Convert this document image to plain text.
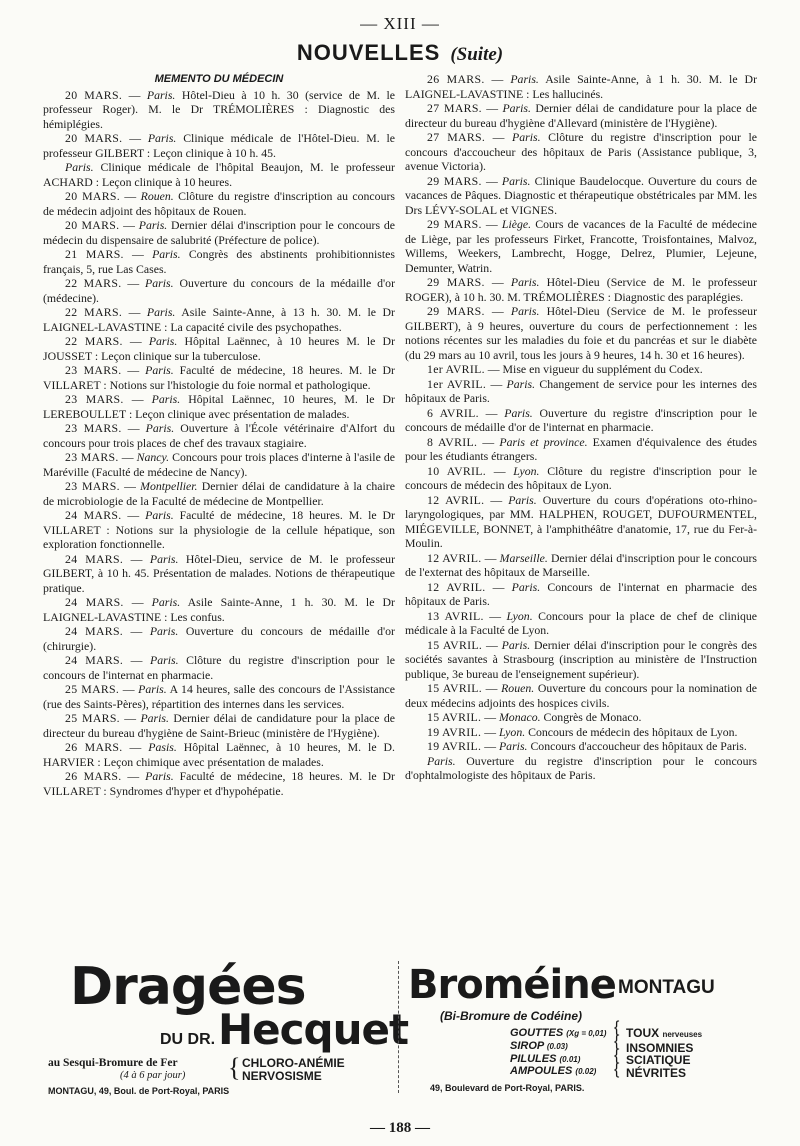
— XIII —
NOUVELLES (Suite)
MEMENTO DU MÉDECIN

20 MARS. — Paris. Hôtel-Dieu à 10 h. 30 (service de M. le professeur Roger). M. le Dr TRÉMOLIÈRES : Diagnostic des hémiplégies.

20 MARS. — Paris. Clinique médicale de l'Hôtel-Dieu. M. le professeur GILBERT : Leçon clinique à 10 h. 45.

Paris. Clinique médicale de l'hôpital Beaujon, M. le professeur ACHARD : Leçon clinique à 10 heures.

20 MARS. — Rouen. Clôture du registre d'inscription au concours de médecin adjoint des hôpitaux de Rouen.

20 MARS. — Paris. Dernier délai d'inscription pour le concours de médecin du dispensaire de salubrité (Préfecture de police).

21 MARS. — Paris. Congrès des abstinents prohibitionnistes français, 5, rue Las Cases.

22 MARS. — Paris. Ouverture du concours de la médaille d'or (médecine).

22 MARS. — Paris. Asile Sainte-Anne, à 13 h. 30. M. le Dr LAIGNEL-LAVASTINE : La capacité civile des psychopathes.

22 MARS. — Paris. Hôpital Laënnec, à 10 heures M. le Dr JOUSSET : Leçon clinique sur la tuberculose.

23 MARS. — Paris. Faculté de médecine, 18 heures. M. le Dr VILLARET : Notions sur l'histologie du foie normal et pathologique.

23 MARS. — Paris. Hôpital Laënnec, 10 heures, M. le Dr LEREBOULLET : Leçon clinique avec présentation de malades.

23 MARS. — Paris. Ouverture à l'École vétérinaire d'Alfort du concours pour trois places de chef des travaux stagiaire.

23 MARS. — Nancy. Concours pour trois places d'interne à l'asile de Maréville (Faculté de médecine de Nancy).

23 MARS. — Montpellier. Dernier délai de candidature à la chaire de microbiologie de la Faculté de médecine de Montpellier.

24 MARS. — Paris. Faculté de médecine, 18 heures. M. le Dr VILLARET : Notions sur la physiologie de la cellule hépatique, son exploration fonctionnelle.

24 MARS. — Paris. Hôtel-Dieu, service de M. le professeur GILBERT, à 10 h. 45. Présentation de malades. Notions de thérapeutique pratique.

24 MARS. — Paris. Asile Sainte-Anne, 1 h. 30. M. le Dr LAIGNEL-LAVASTINE : Les confus.

24 MARS. — Paris. Ouverture du concours de médaille d'or (chirurgie).

24 MARS. — Paris. Clôture du registre d'inscription pour le concours de l'internat en pharmacie.

25 MARS. — Paris. A 14 heures, salle des concours de l'Assistance (rue des Saints-Pères), répartition des internes dans les services.

25 MARS. — Paris. Dernier délai de candidature pour la place de directeur du bureau d'hygiène de Saint-Brieuc (ministère de l'Hygiène).

26 MARS. — Pasis. Hôpital Laënnec, à 10 heures, M. le D. HARVIER : Leçon chimique avec présentation de malades.

26 MARS. — Paris. Faculté de médecine, 18 heures. M. le Dr VILLARET : Syndromes d'hyper et d'hypohépatie.

26 MARS. — Paris. Asile Sainte-Anne, à 1 h. 30. M. le Dr LAIGNEL-LAVASTINE : Les hallucinés.

27 MARS. — Paris. Dernier délai de candidature pour la place de directeur du bureau d'hygiène d'Allevard (ministère de l'Hygiène).

27 MARS. — Paris. Clôture du registre d'inscription pour le concours d'accoucheur des hôpitaux de Paris (Assistance publique, 3, avenue Victoria).

29 MARS. — Paris. Clinique Baudelocque. Ouverture du cours de vacances de Pâques. Diagnostic et thérapeutique obstétricales par MM. les Drs LÉVY-SOLAL et VIGNES.

29 MARS. — Liège. Cours de vacances de la Faculté de médecine de Liège, par les professeurs Firket, Francotte, Troisfontaines, Malvoz, Willems, Weekers, Lambrecht, Hogge, Delrez, Plumier, Lejeune, Demunter, Watrin.

29 MARS. — Paris. Hôtel-Dieu (Service de M. le professeur ROGER), à 10 h. 30. M. TRÉMOLIÈRES : Diagnostic des paraplégies.

29 MARS. — Paris. Hôtel-Dieu (Service de M. le professeur GILBERT), à 9 heures, ouverture du cours de perfectionnement : les notions récentes sur les maladies du foie et du pancréas et sur le diabète (du 29 mars au 10 avril, tous les jours à 9 heures, 14 h. 30 et 16 heures).

1er AVRIL. — Mise en vigueur du supplément du Codex.

1er AVRIL. — Paris. Changement de service pour les internes des hôpitaux de Paris.

6 AVRIL. — Paris. Ouverture du registre d'inscription pour le concours de médaille d'or de l'internat en pharmacie.

8 AVRIL. — Paris et province. Examen d'équivalence des études pour les étudiants étrangers.

10 AVRIL. — Lyon. Clôture du registre d'inscription pour le concours de médecin des hôpitaux de Lyon.

12 AVRIL. — Paris. Ouverture du cours d'opérations oto-rhino-laryngologiques, par MM. HALPHEN, ROUGET, DUFOURMENTEL, MIÉGEVILLE, BONNET, à l'amphithéâtre d'anatomie, 17, rue du Fer-à-Moulin.

12 AVRIL. — Marseille. Dernier délai d'inscription pour le concours de l'externat des hôpitaux de Marseille.

12 AVRIL. — Paris. Concours de l'internat en pharmacie des hôpitaux de Paris.

13 AVRIL. — Lyon. Concours pour la place de chef de clinique médicale à la Faculté de Lyon.

15 AVRIL. — Paris. Dernier délai d'inscription pour le congrès des sociétés savantes à Strasbourg (inscription au ministère de l'Instruction publique, 3e bureau de l'enseignement supérieur).

15 AVRIL. — Rouen. Ouverture du concours pour la nomination de deux médecins adjoints des hospices civils.

15 AVRIL. — Monaco. Congrès de Monaco.

19 AVRIL. — Lyon. Concours de médecin des hôpitaux de Lyon.

19 AVRIL. — Paris. Concours d'accoucheur des hôpitaux de Paris.

Paris. Ouverture du registre d'inscription pour le concours d'ophtalmologiste des hôpitaux de Paris.

Dragées
DU DR. Hecquet
au Sesqui-Bromure de Fer
(4 à 6 par jour) { CHLORO-ANÉMIE
NERVOSISME
MONTAGU, 49, Boul. de Port-Royal, PARIS
Broméine MONTAGU
(Bi-Bromure de Codéine)
GOUTTES (Xg = 0,01)
SIROP (0.03)
PILULES (0.01)
AMPOULES (0.02)
{
{
{
{
TOUX nerveuses
INSOMNIES
SCIATIQUE
NÉVRITES
49, Boulevard de Port-Royal, PARIS.
— 188 —
